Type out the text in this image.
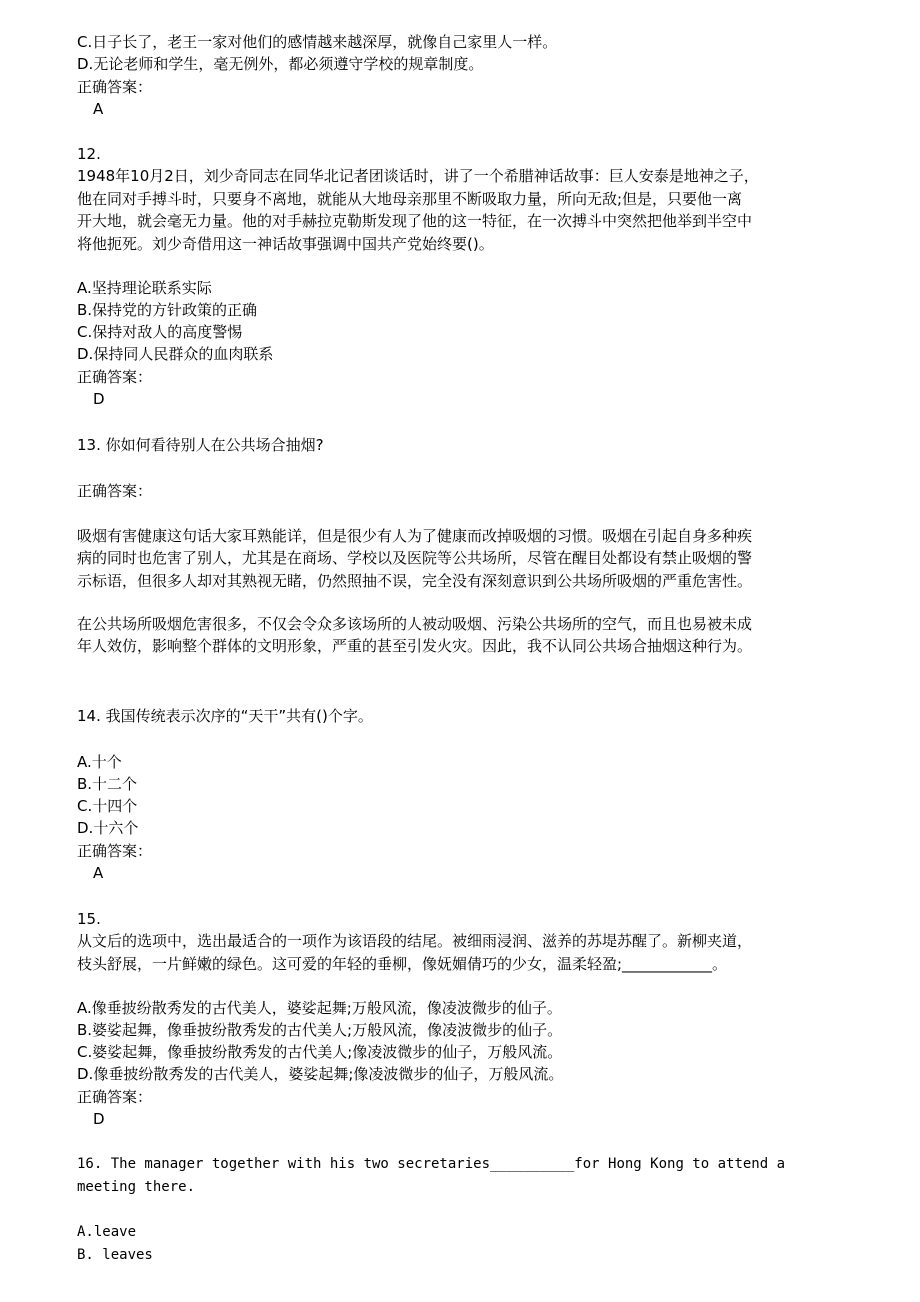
C.日子长了，老王一家对他们的感情越来越深厚，就像自己家里人一样。
D.无论老师和学生，毫无例外，都必须遵守学校的规章制度。
正确答案：
A
12.
1948年10月2日，刘少奇同志在同华北记者团谈话时，讲了一个希腊神话故事：巨人安泰是地神之子，
他在同对手搏斗时，只要身不离地，就能从大地母亲那里不断吸取力量，所向无敌;但是，只要他一离
开大地，就会毫无力量。他的对手赫拉克勒斯发现了他的这一特征，在一次搏斗中突然把他举到半空中
将他扼死。刘少奇借用这一神话故事强调中国共产党始终要()。
A.坚持理论联系实际
B.保持党的方针政策的正确
C.保持对敌人的高度警惕
D.保持同人民群众的血肉联系
正确答案：
D
13. 你如何看待别人在公共场合抽烟?
正确答案：
吸烟有害健康这句话大家耳熟能详，但是很少有人为了健康而改掉吸烟的习惯。吸烟在引起自身多种疾
病的同时也危害了别人，尤其是在商场、学校以及医院等公共场所，尽管在醒目处都设有禁止吸烟的警
示标语，但很多人却对其熟视无睹，仍然照抽不误，完全没有深刻意识到公共场所吸烟的严重危害性。
在公共场所吸烟危害很多，不仅会令众多该场所的人被动吸烟、污染公共场所的空气，而且也易被未成
年人效仿，影响整个群体的文明形象，严重的甚至引发火灾。因此，我不认同公共场合抽烟这种行为。
14. 我国传统表示次序的“天干”共有()个字。
A.十个
B.十二个
C.十四个
D.十六个
正确答案：
A
15.
从文后的选项中，选出最适合的一项作为该语段的结尾。被细雨浸润、滋养的苏堤苏醒了。新柳夹道，
枝头舒展，一片鲜嫩的绿色。这可爱的年轻的垂柳，像妩媚倩巧的少女，温柔轻盈;____________。
A.像垂披纷散秀发的古代美人，婆娑起舞;万般风流，像凌波微步的仙子。
B.婆娑起舞，像垂披纷散秀发的古代美人;万般风流，像凌波微步的仙子。
C.婆娑起舞，像垂披纷散秀发的古代美人;像凌波微步的仙子，万般风流。
D.像垂披纷散秀发的古代美人，婆娑起舞;像凌波微步的仙子，万般风流。
正确答案：
D
16. The manager together with his two secretaries__________for Hong Kong to attend a
meeting there.
A.leave
B. leaves
